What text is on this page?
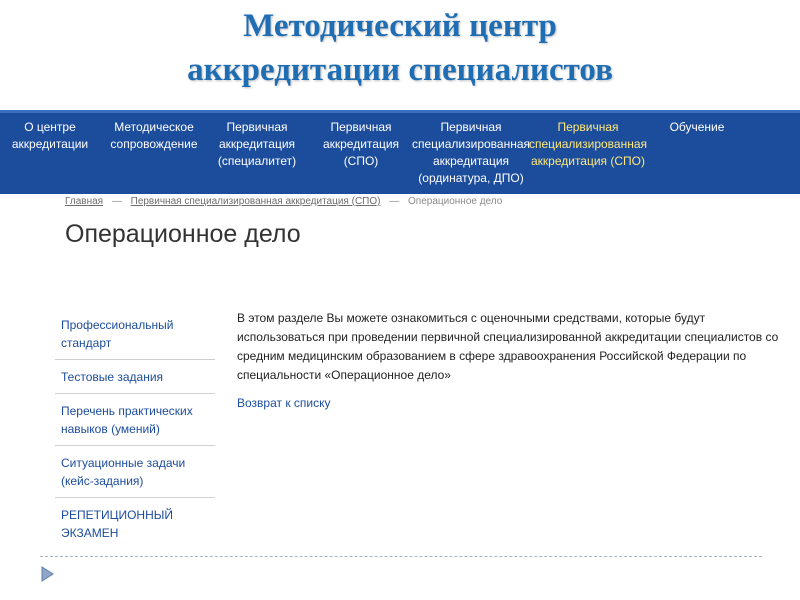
Методический центр
аккредитации специалистов
О центре
аккредитации
Методическое
сопровождение
Первичная
аккредитация
(специалитет)
Первичная
аккредитация
(СПО)
Первичная
специализированная
аккредитация
(ординатура, ДПО)
Первичная
специализированная
аккредитация (СПО)
Обучение
Главная — Первичная специализированная аккредитация (СПО) — Операционное дело
Операционное дело
Профессиональный
стандарт
Тестовые задания
Перечень практических
навыков (умений)
Ситуационные задачи
(кейс-задания)
РЕПЕТИЦИОННЫЙ
ЭКЗАМЕН
В этом разделе Вы можете ознакомиться с оценочными средствами, которые будут использоваться при проведении первичной специализированной аккредитации специалистов со средним медицинским образованием в сфере здравоохранения Российской Федерации по специальности «Операционное дело»
Возврат к списку
